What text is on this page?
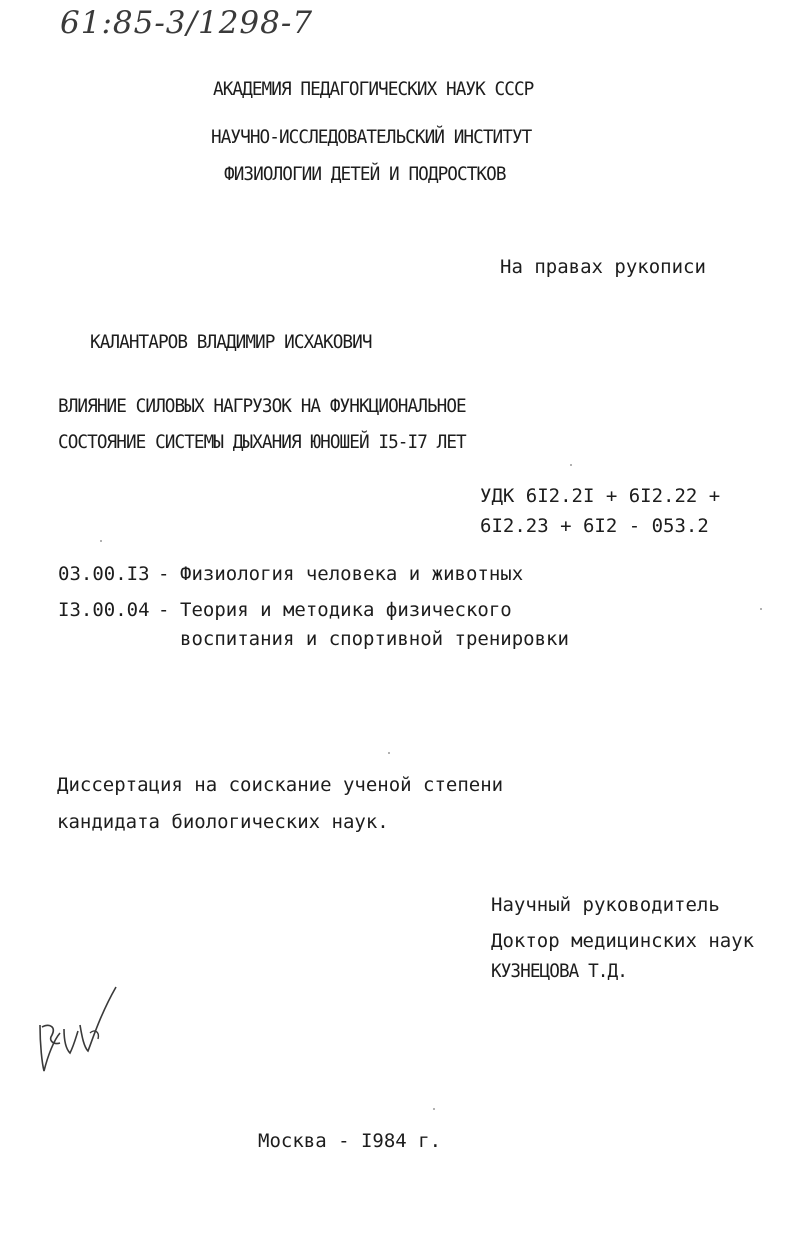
61:85-3/1298-7
АКАДЕМИЯ ПЕДАГОГИЧЕСКИХ НАУК СССР
НАУЧНО-ИССЛЕДОВАТЕЛЬСКИЙ ИНСТИТУТ
ФИЗИОЛОГИИ ДЕТЕЙ И ПОДРОСТКОВ
На правах рукописи
КАЛАНТАРОВ ВЛАДИМИР ИСХАКОВИЧ
ВЛИЯНИЕ СИЛОВЫХ НАГРУЗОК НА ФУНКЦИОНАЛЬНОЕ
СОСТОЯНИЕ СИСТЕМЫ ДЫХАНИЯ ЮНОШЕЙ I5-I7 ЛЕТ
УДК 6I2.2I + 6I2.22 +
6I2.23 + 6I2 - 053.2
03.00.I3 - Физиология человека и животных
I3.00.04 - Теория и методика физического
воспитания и спортивной тренировки
Диссертация на соискание ученой степени
кандидата биологических наук.
Научный руководитель
Доктор медицинских наук
КУЗНЕЦОВА Т.Д.
Москва - I984 г.
